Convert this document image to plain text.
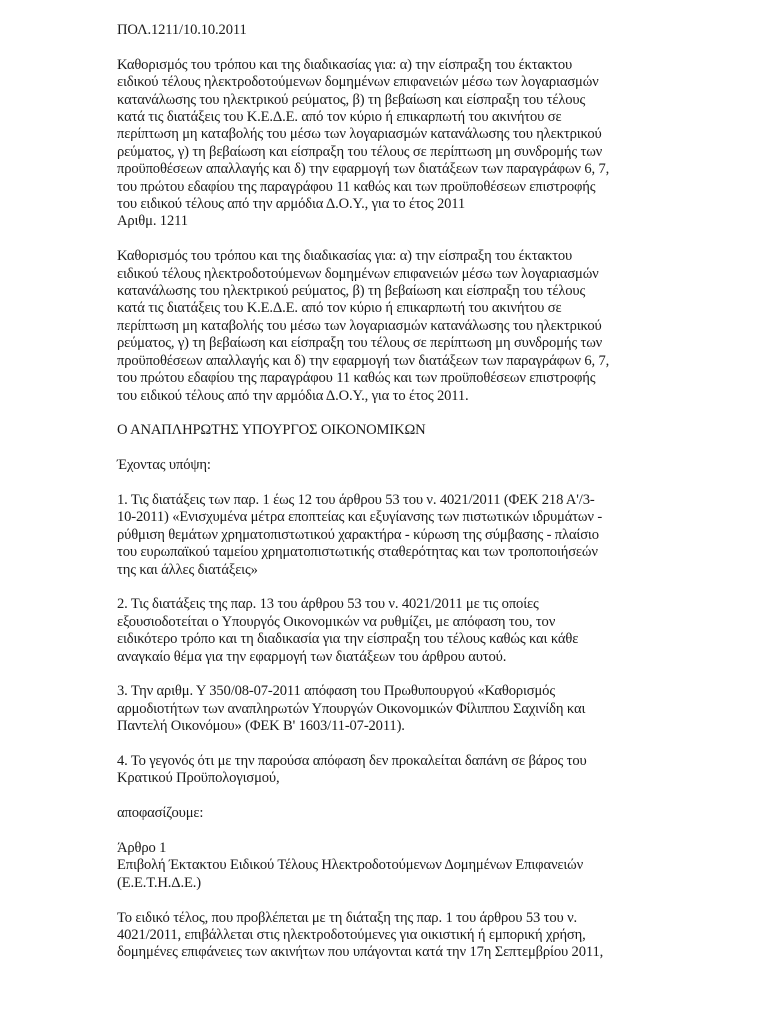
ΠΟΛ.1211/10.10.2011

Καθορισμός του τρόπου και της διαδικασίας για: α) την είσπραξη του έκτακτου
ειδικού τέλους ηλεκτροδοτούμενων δομημένων επιφανειών μέσω των λογαριασμών
κατανάλωσης του ηλεκτρικού ρεύματος, β) τη βεβαίωση και είσπραξη του τέλους
κατά τις διατάξεις του Κ.Ε.Δ.Ε. από τον κύριο ή επικαρπωτή του ακινήτου σε
περίπτωση μη καταβολής του μέσω των λογαριασμών κατανάλωσης του ηλεκτρικού
ρεύματος, γ) τη βεβαίωση και είσπραξη του τέλους σε περίπτωση μη συνδρομής των
προϋποθέσεων απαλλαγής και δ) την εφαρμογή των διατάξεων των παραγράφων 6, 7,
του πρώτου εδαφίου της παραγράφου 11 καθώς και των προϋποθέσεων επιστροφής
του ειδικού τέλους από την αρμόδια Δ.Ο.Υ., για το έτος 2011
Αριθμ. 1211

Καθορισμός του τρόπου και της διαδικασίας για: α) την είσπραξη του έκτακτου
ειδικού τέλους ηλεκτροδοτούμενων δομημένων επιφανειών μέσω των λογαριασμών
κατανάλωσης του ηλεκτρικού ρεύματος, β) τη βεβαίωση και είσπραξη του τέλους
κατά τις διατάξεις του Κ.Ε.Δ.Ε. από τον κύριο ή επικαρπωτή του ακινήτου σε
περίπτωση μη καταβολής του μέσω των λογαριασμών κατανάλωσης του ηλεκτρικού
ρεύματος, γ) τη βεβαίωση και είσπραξη του τέλους σε περίπτωση μη συνδρομής των
προϋποθέσεων απαλλαγής και δ) την εφαρμογή των διατάξεων των παραγράφων 6, 7,
του πρώτου εδαφίου της παραγράφου 11 καθώς και των προϋποθέσεων επιστροφής
του ειδικού τέλους από την αρμόδια Δ.Ο.Υ., για το έτος 2011.

Ο ΑΝΑΠΛΗΡΩΤΗΣ ΥΠΟΥΡΓΟΣ ΟΙΚΟΝΟΜΙΚΩΝ

Έχοντας υπόψη:

1. Τις διατάξεις των παρ. 1 έως 12 του άρθρου 53 του ν. 4021/2011 (ΦΕΚ 218 Α'/3-
10-2011) «Ενισχυμένα μέτρα εποπτείας και εξυγίανσης των πιστωτικών ιδρυμάτων -
ρύθμιση θεμάτων χρηματοπιστωτικού χαρακτήρα - κύρωση της σύμβασης - πλαίσιο
του ευρωπαϊκού ταμείου χρηματοπιστωτικής σταθερότητας και των τροποποιήσεών
της και άλλες διατάξεις»

2. Τις διατάξεις της παρ. 13 του άρθρου 53 του ν. 4021/2011 με τις οποίες
εξουσιοδοτείται ο Υπουργός Οικονομικών να ρυθμίζει, με απόφαση του, τον
ειδικότερο τρόπο και τη διαδικασία για την είσπραξη του τέλους καθώς και κάθε
αναγκαίο θέμα για την εφαρμογή των διατάξεων του άρθρου αυτού.

3. Την αριθμ. Υ 350/08-07-2011 απόφαση του Πρωθυπουργού «Καθορισμός
αρμοδιοτήτων των αναπληρωτών Υπουργών Οικονομικών Φίλιππου Σαχινίδη και
Παντελή Οικονόμου» (ΦΕΚ Β' 1603/11-07-2011).

4. Το γεγονός ότι με την παρούσα απόφαση δεν προκαλείται δαπάνη σε βάρος του
Κρατικού Προϋπολογισμού,

αποφασίζουμε:

Άρθρο 1
Επιβολή Έκτακτου Ειδικού Τέλους Ηλεκτροδοτούμενων Δομημένων Επιφανειών
(Ε.Ε.Τ.Η.Δ.Ε.)

Το ειδικό τέλος, που προβλέπεται με τη διάταξη της παρ. 1 του άρθρου 53 του ν.
4021/2011, επιβάλλεται στις ηλεκτροδοτούμενες για οικιστική ή εμπορική χρήση,
δομημένες επιφάνειες των ακινήτων που υπάγονται κατά την 17η Σεπτεμβρίου 2011,
